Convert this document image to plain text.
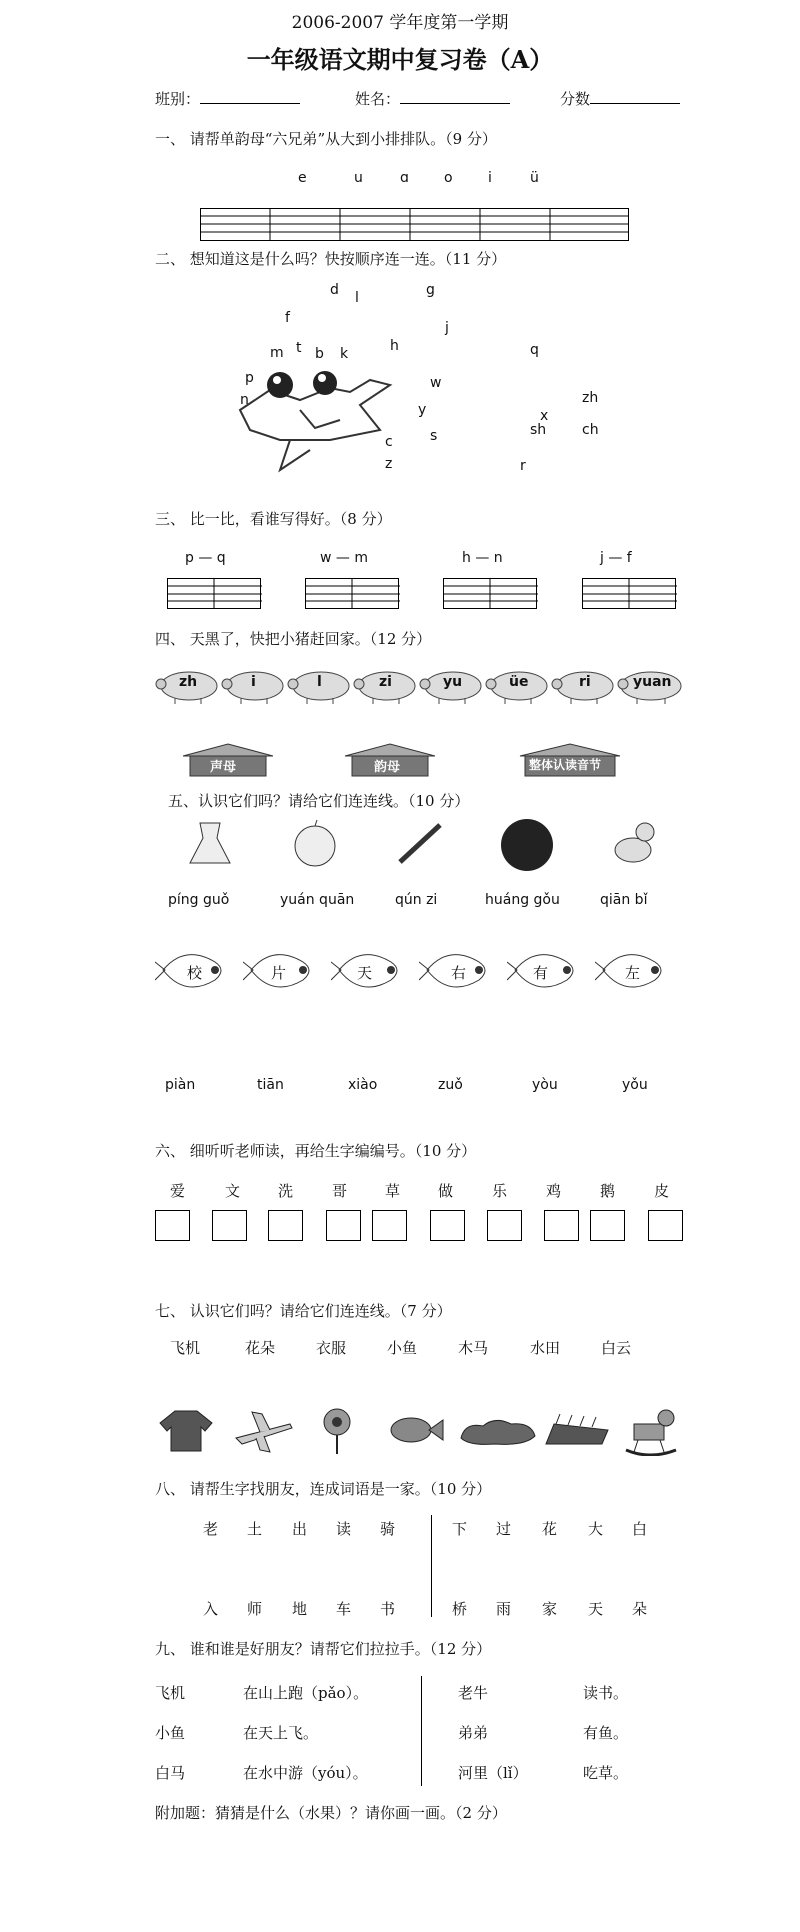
2006-2007 学年度第一学期
一年级语文期中复习卷（A）
班别：	姓名：	分数
一、 请帮单韵母“六兄弟”从大到小排排队。（9 分）
e	u	ɑ	o	i	ü
二、 想知道这是什么吗？快按顺序连一连。（11 分）
d l	g
f
m t b k	h
j
q
p	w
n
x
y
zh
sh	ch
c	s
z	r
三、 比一比，看谁写得好。（8 分）
p — q	w — m	h — n	j — f
四、 天黑了，快把小猪赶回家。（12 分）
zh	i	l	zi	yu	üe	ri	yuan
声母	韵母	整体认读音节
五、认识它们吗？请给它们连连线。（10 分）
píng guǒ	yuán quān	qún zi	huáng gǒu	qiān bǐ
校	片	天	右	有	左
piàn	tiān	xiào	zuǒ	yòu	yǒu
六、 细听听老师读，再给生字编编号。（10 分）
爱	文	洗	哥	草	做	乐	鸡	鹅	皮
七、 认识它们吗？请给它们连连线。（7 分）
飞机	花朵	衣服	小鱼	木马	水田	白云
八、 请帮生字找朋友，连成词语是一家。（10 分）
老 土 出 读 骑	下 过 花 大 白
入 师 地 车 书	桥 雨 家 天 朵
九、 谁和谁是好朋友？请帮它们拉拉手。（12 分）
飞机	在山上跑（pǎo）。	老牛	读书。
小鱼	在天上飞。	弟弟	有鱼。
白马	在水中游（yóu）。	河里（lǐ）	吃草。
附加题：猜猜是什么（水果）？请你画一画。（2 分）
